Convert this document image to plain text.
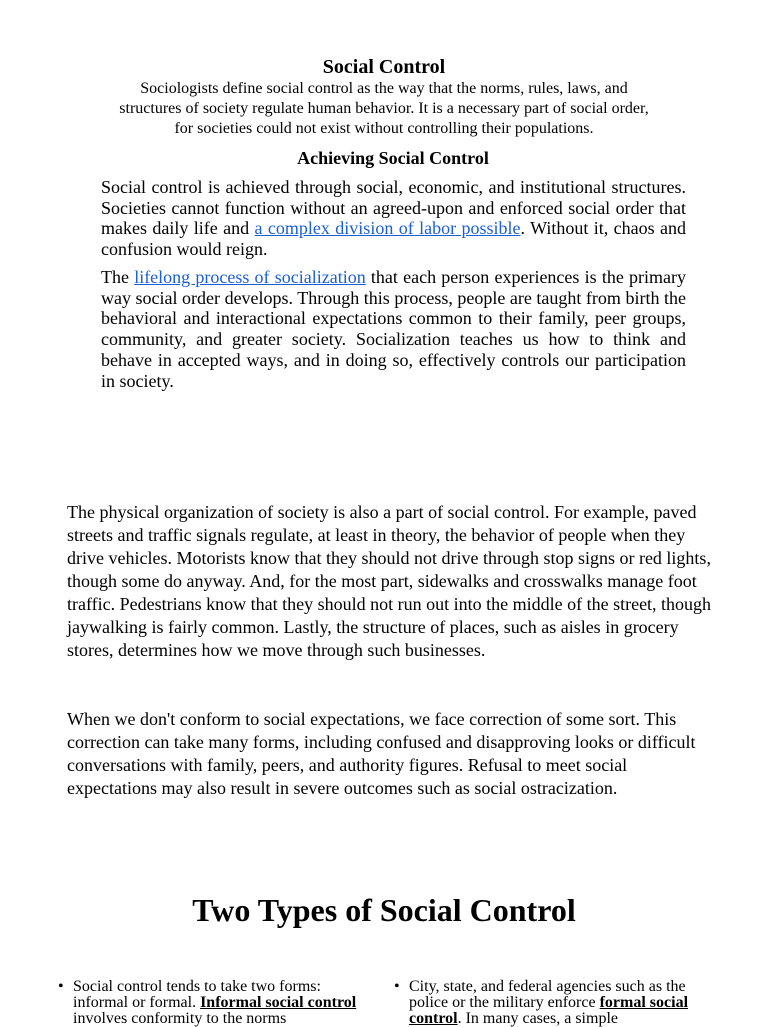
Social Control

Sociologists define social control as the way that the norms, rules, laws, and structures of society regulate human behavior. It is a necessary part of social order, for societies could not exist without controlling their populations.

Achieving Social Control

Social control is achieved through social, economic, and institutional structures. Societies cannot function without an agreed-upon and enforced social order that makes daily life and a complex division of labor possible. Without it, chaos and confusion would reign.

The lifelong process of socialization that each person experiences is the primary way social order develops. Through this process, people are taught from birth the behavioral and interactional expectations common to their family, peer groups, community, and greater society. Socialization teaches us how to think and behave in accepted ways, and in doing so, effectively controls our participation in society.

The physical organization of society is also a part of social control. For example, paved streets and traffic signals regulate, at least in theory, the behavior of people when they drive vehicles. Motorists know that they should not drive through stop signs or red lights, though some do anyway. And, for the most part, sidewalks and crosswalks manage foot traffic. Pedestrians know that they should not run out into the middle of the street, though jaywalking is fairly common. Lastly, the structure of places, such as aisles in grocery stores, determines how we move through such businesses.

When we don't conform to social expectations, we face correction of some sort. This correction can take many forms, including confused and disapproving looks or difficult conversations with family, peers, and authority figures. Refusal to meet social expectations may also result in severe outcomes such as social ostracization.

Two Types of Social Control
• Social control tends to take two forms: informal or formal. Informal social control involves conformity to the norms

• City, state, and federal agencies such as the police or the military enforce formal social control. In many cases, a simple
